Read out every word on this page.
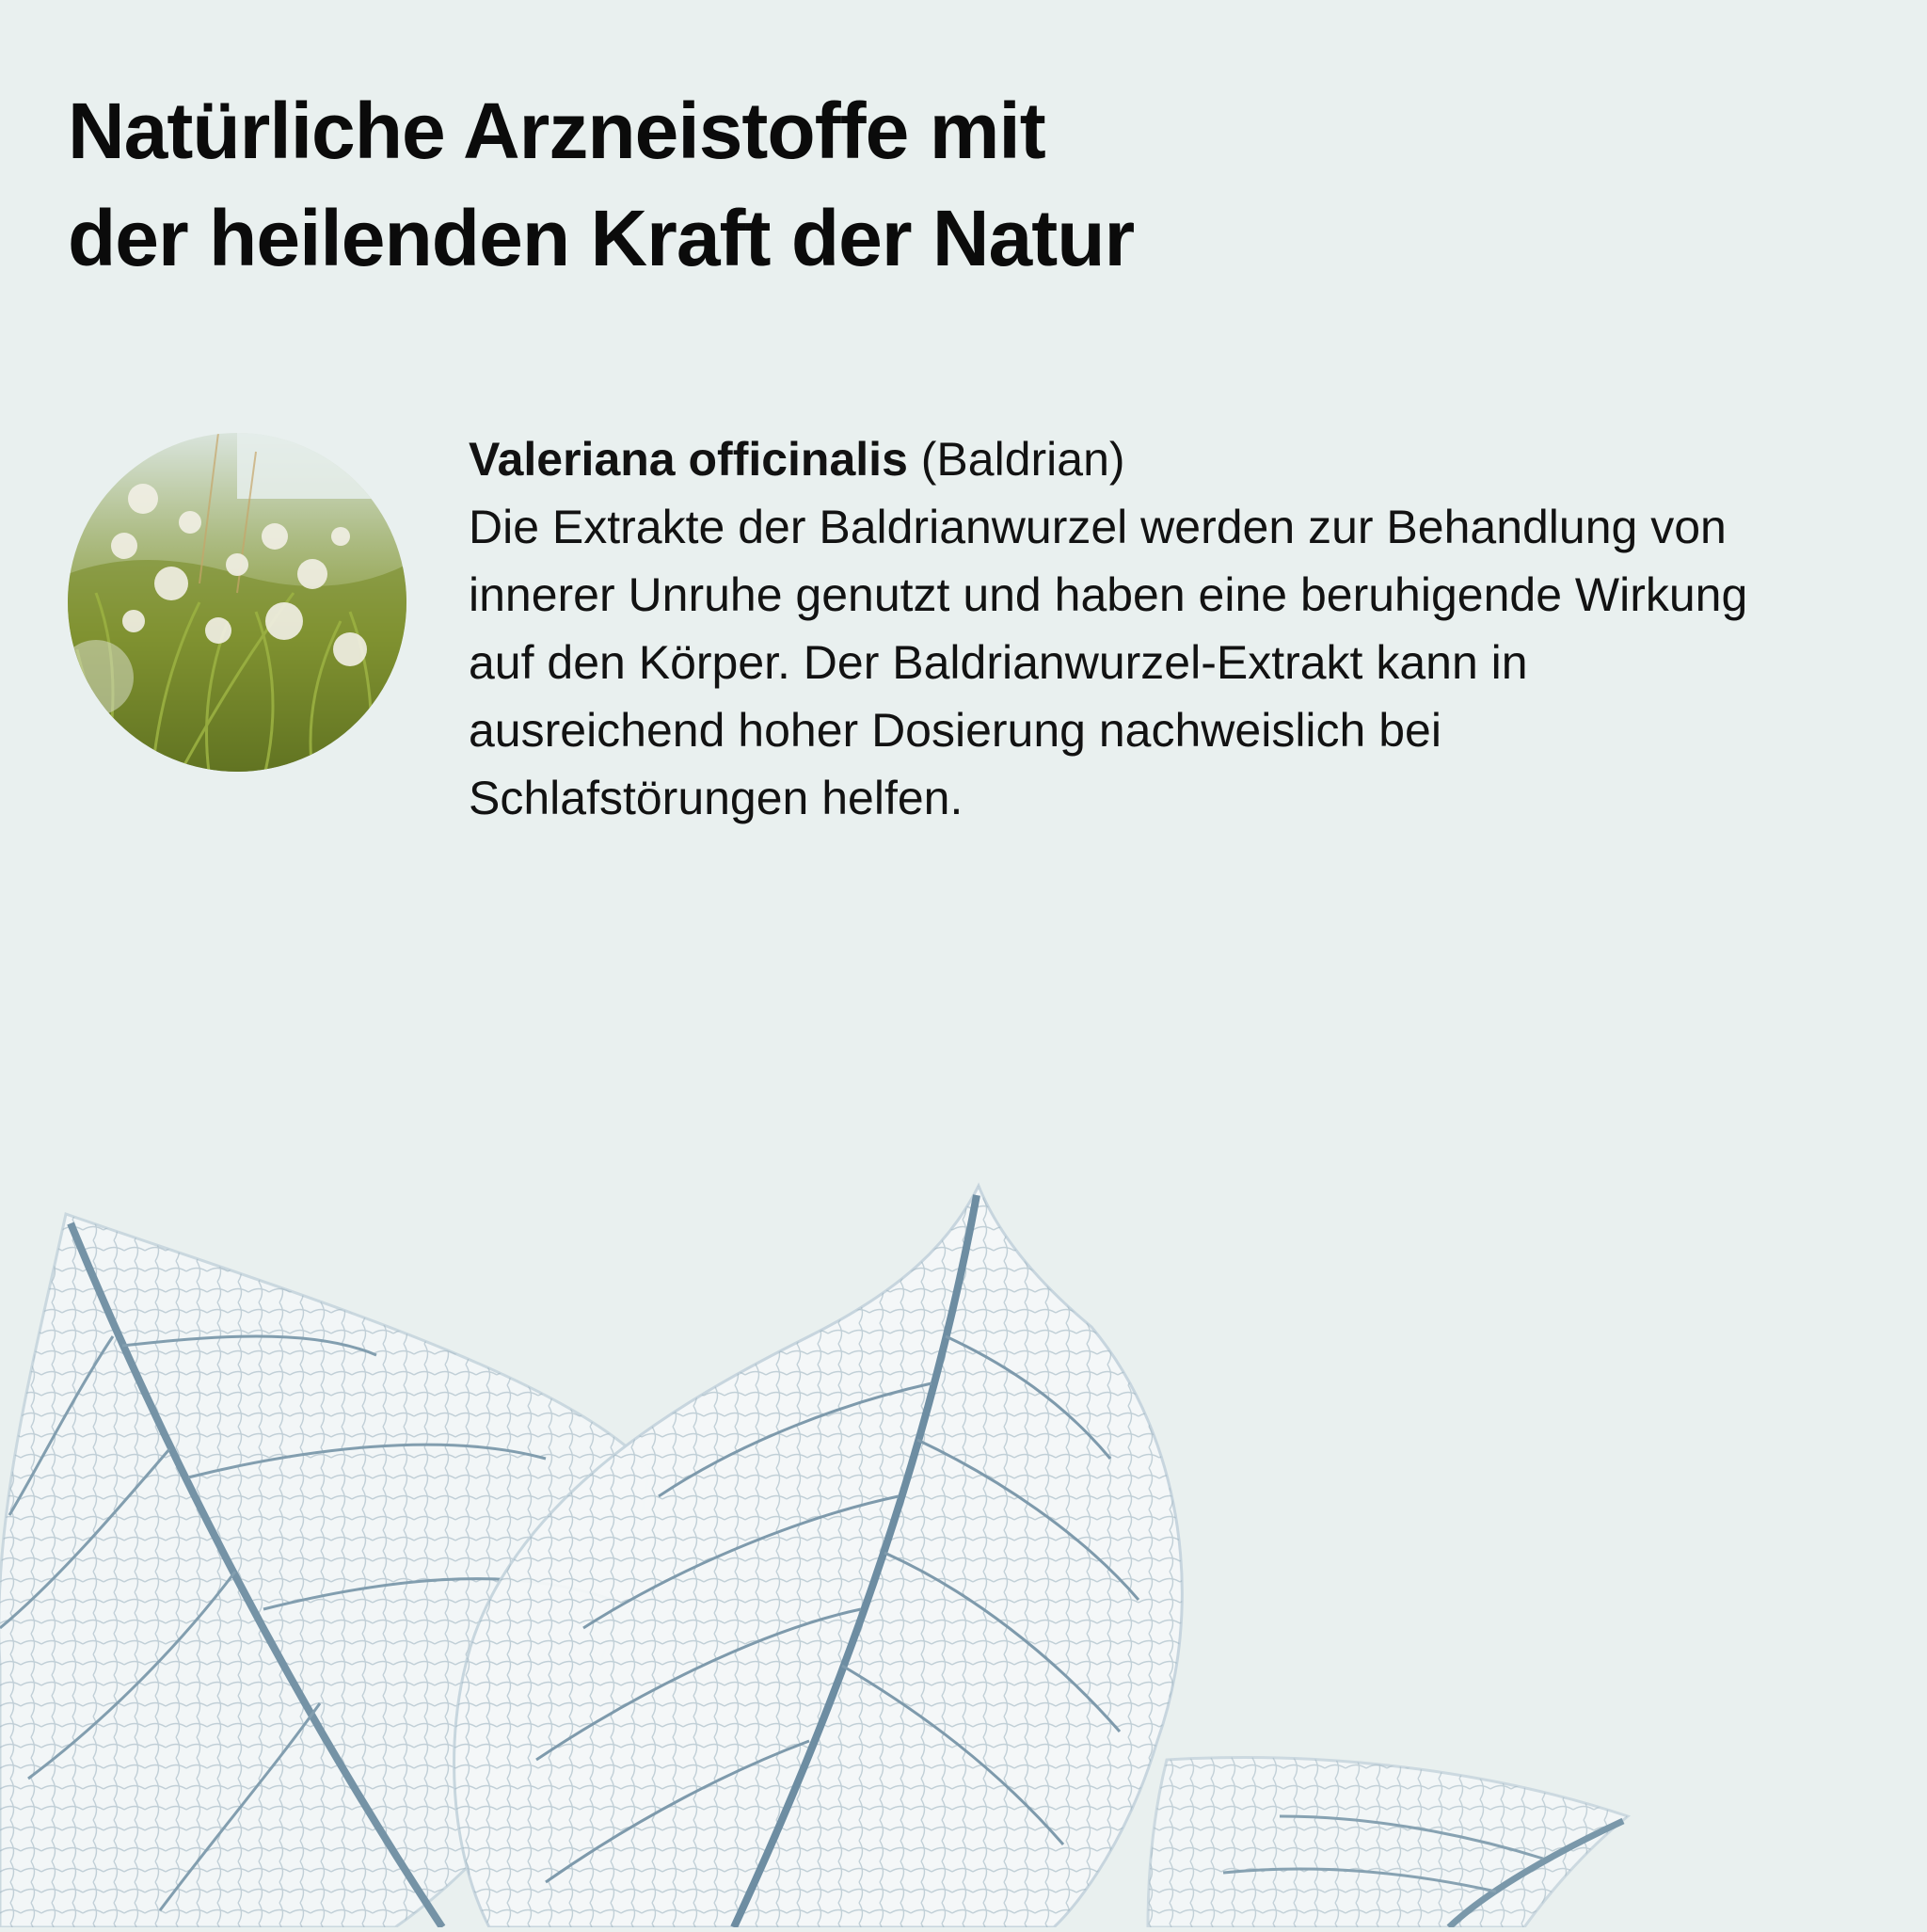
Natürliche Arzneistoffe mit
der heilenden Kraft der Natur
Valeriana officinalis (Baldrian)
Die Extrakte der Baldrianwurzel werden zur Behandlung von innerer Unruhe genutzt und haben eine beruhigende Wirkung auf den Körper. Der Baldrianwurzel-Extrakt kann in ausreichend hoher Dosierung nachweislich bei Schlafstörungen helfen.
